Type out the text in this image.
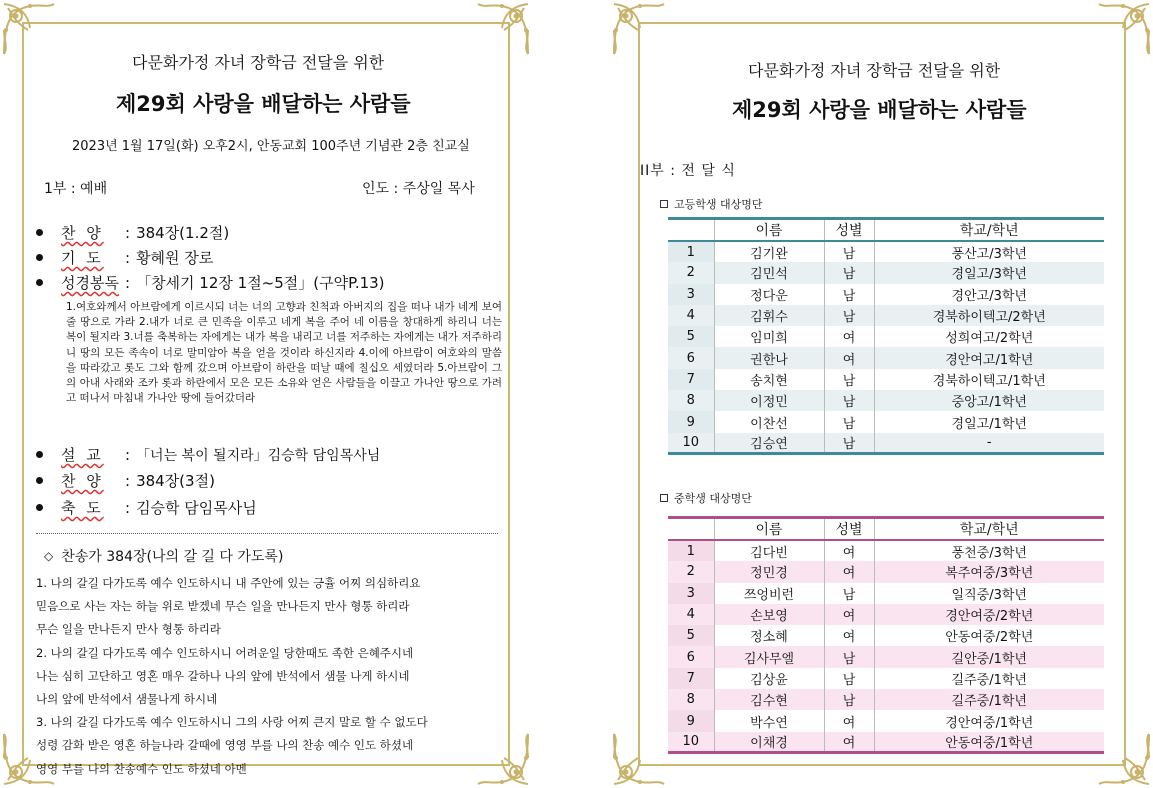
다문화가정 자녀 장학금 전달을 위한
제29회 사랑을 배달하는 사람들
2023년 1월 17일(화) 오후2시, 안동교회 100주년 기념관 2층 친교실
1부 : 예배	인도 : 주상일 목사
찬 양	: 384장(1.2절)
기 도	: 황혜원 장로
성경봉독 : 「창세기 12장 1절~5절」(구약P.13)
1.여호와께서 아브람에게 이르시되 너는 너의 고향과 친척과 아버지의 집을 떠나 내가 네게 보여 줄 땅으로 가라 2.내가 너로 큰 민족을 이루고 네게 복을 주어 네 이름을 창대하게 하리니 너는 복이 될지라 3.너를 축복하는 자에게는 내가 복을 내리고 너를 저주하는 자에게는 내가 저주하리니 땅의 모든 족속이 너로 말미암아 복을 얻을 것이라 하신지라 4.이에 아브람이 여호와의 말씀을 따라갔고 롯도 그와 함께 갔으며 아브람이 하란을 떠날 때에 칠십오 세였더라 5.아브람이 그의 아내 사래와 조카 롯과 하란에서 모은 모든 소유와 얻은 사람들을 이끌고 가나안 땅으로 가려고 떠나서 마침내 가나안 땅에 들어갔더라
설 교	: 「너는 복이 될지라」김승학 담임목사님
찬 양	: 384장(3절)
축 도	: 김승학 담임목사님
◇ 찬송가 384장(나의 갈 길 다 가도록)

1. 나의 갈길 다가도록 예수 인도하시니 내 주안에 있는 긍휼 어찌 의심하리요

믿음으로 사는 자는 하늘 위로 받겠네 무슨 일을 만나든지 만사 형통 하리라

무슨 일을 만나든지 만사 형통 하리라

2. 나의 갈길 다가도록 예수 인도하시니 어려운일 당한때도 족한 은혜주시네

나는 심히 고단하고 영혼 매우 갈하나 나의 앞에 반석에서 샘물 나게 하시네

나의 앞에 반석에서 샘물나게 하시네

3. 나의 갈길 다가도록 예수 인도하시니 그의 사랑 어찌 큰지 말로 할 수 없도다

성령 감화 받은 영혼 하늘나라 갈때에 영영 부를 나의 찬송 예수 인도 하셨네

영영 부를 나의 찬송예수 인도 하셨네 아멘

다문화가정 자녀 장학금 전달을 위한
제29회 사랑을 배달하는 사람들
II부 : 전 달 식
고등학생 대상명단
	이름	성별	학교/학년
1	김기완	남	풍산고/3학년
2	김민석	남	경일고/3학년
3	정다운	남	경안고/3학년
4	김휘수	남	경북하이텍고/2학년
5	임미희	여	성희여고/2학년
6	권한나	여	경안여고/1학년
7	송치현	남	경북하이텍고/1학년
8	이정민	남	중앙고/1학년
9	이찬선	남	경일고/1학년
10	김승연	남	-
중학생 대상명단
	이름	성별	학교/학년
1	김다빈	여	풍천중/3학년
2	정민경	여	복주여중/3학년
3	쯔엉비런	남	일직중/3학년
4	손보영	여	경안여중/2학년
5	정소혜	여	안동여중/2학년
6	김사무엘	남	길안중/1학년
7	김상윤	남	길주중/1학년
8	김수현	남	길주중/1학년
9	박수연	여	경안여중/1학년
10	이채경	여	안동여중/1학년
